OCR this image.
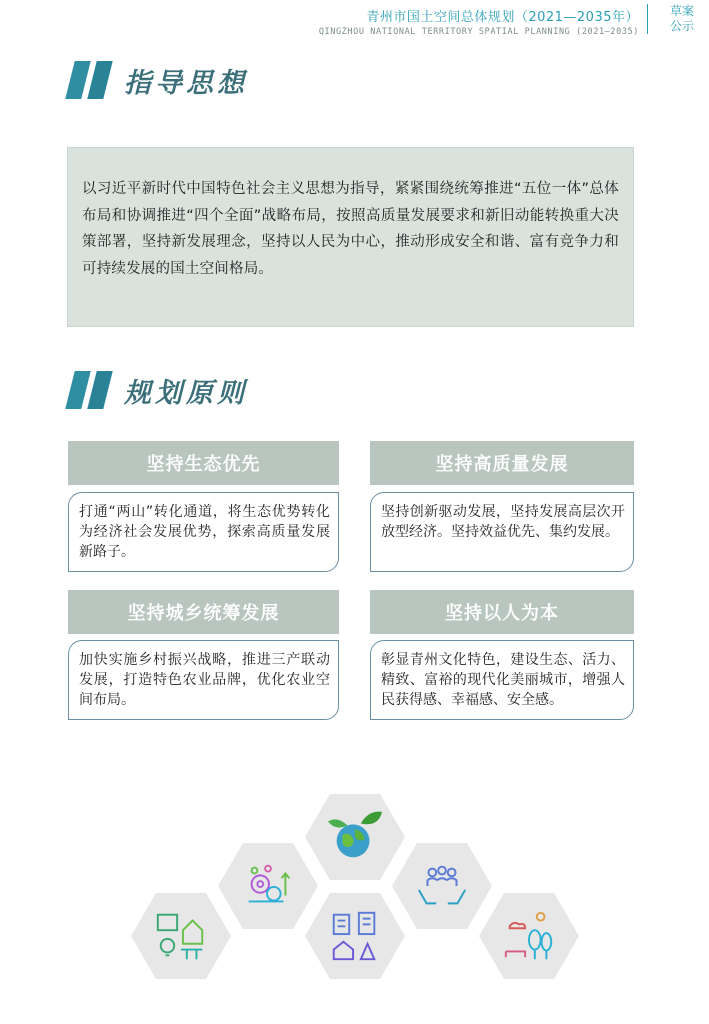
青州市国土空间总体规划（2021—2035年）
QINGZHOU NATIONAL TERRITORY SPATIAL PLANNING (2021—2035)
草案
公示
指导思想
以习近平新时代中国特色社会主义思想为指导，紧紧围绕统筹推进“五位一体”总体布局和协调推进“四个全面”战略布局，按照高质量发展要求和新旧动能转换重大决策部署，坚持新发展理念，坚持以人民为中心，推动形成安全和谐、富有竞争力和可持续发展的国土空间格局。
规划原则
坚持生态优先
打通“两山”转化通道，将生态优势转化为经济社会发展优势，探索高质量发展新路子。
坚持高质量发展
坚持创新驱动发展，坚持发展高层次开放型经济。坚持效益优先、集约发展。
坚持城乡统筹发展
加快实施乡村振兴战略，推进三产联动发展，打造特色农业品牌，优化农业空间布局。
坚持以人为本
彰显青州文化特色，建设生态、活力、精致、富裕的现代化美丽城市，增强人民获得感、幸福感、安全感。
